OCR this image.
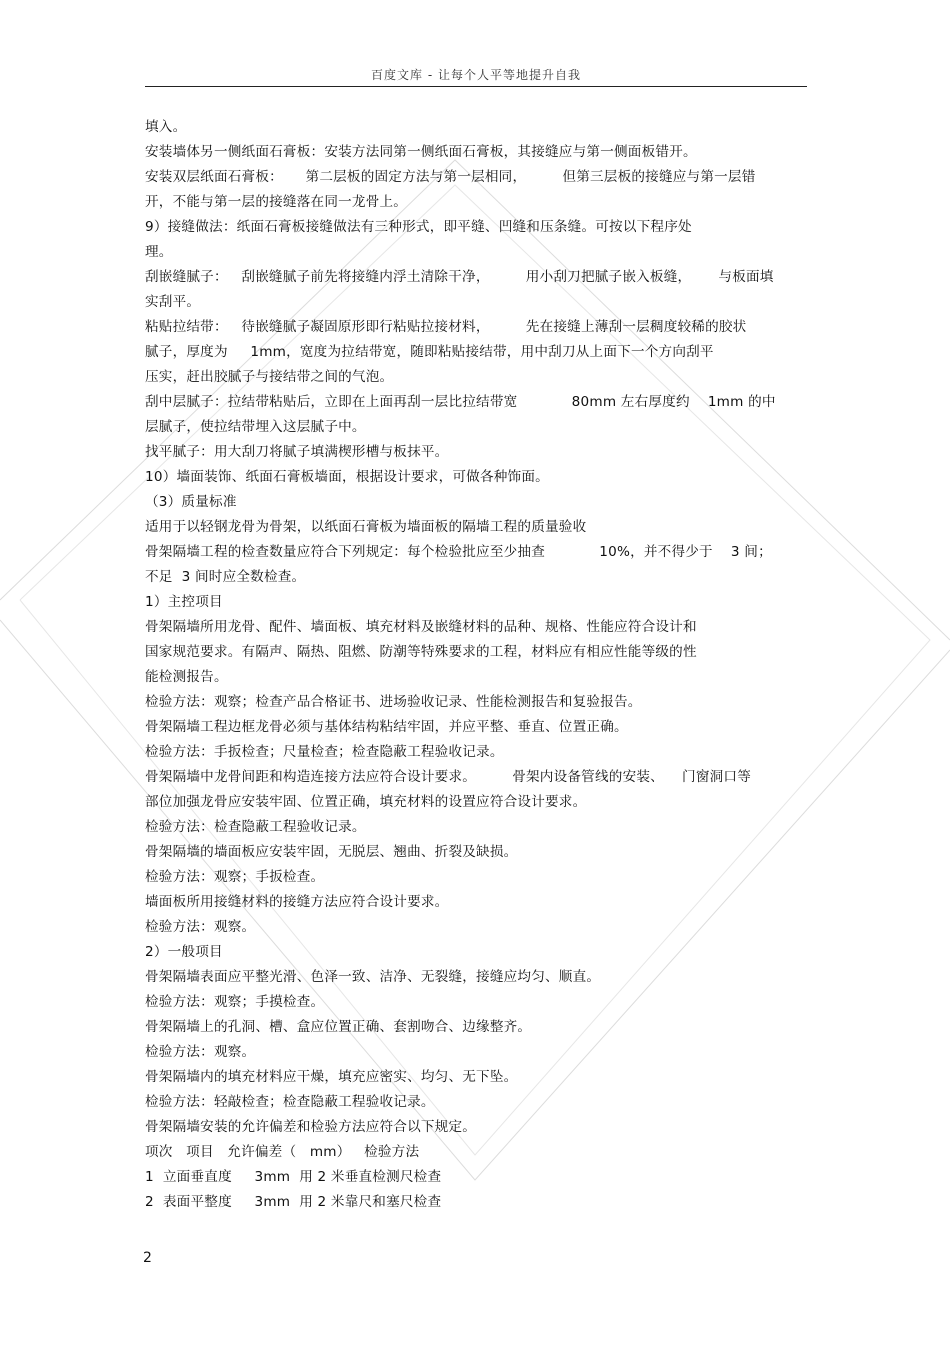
百度文库 - 让每个人平等地提升自我
填入。
安装墙体另一侧纸面石膏板：安装方法同第一侧纸面石膏板，其接缝应与第一侧面板错开。
安装双层纸面石膏板：     第二层板的固定方法与第一层相同，        但第三层板的接缝应与第一层错
开，不能与第一层的接缝落在同一龙骨上。
9）接缝做法：纸面石膏板接缝做法有三种形式，即平缝、凹缝和压条缝。可按以下程序处
理。
刮嵌缝腻子：   刮嵌缝腻子前先将接缝内浮土清除干净，        用小刮刀把腻子嵌入板缝，      与板面填
实刮平。
粘贴拉结带：   待嵌缝腻子凝固原形即行粘贴拉接材料，        先在接缝上薄刮一层稠度较稀的胶状
腻子，厚度为     1mm，宽度为拉结带宽，随即粘贴接结带，用中刮刀从上面下一个方向刮平
压实，赶出胶腻子与接结带之间的气泡。
刮中层腻子：拉结带粘贴后，立即在上面再刮一层比拉结带宽            80mm 左右厚度约    1mm 的中
层腻子，使拉结带埋入这层腻子中。
找平腻子：用大刮刀将腻子填满楔形槽与板抹平。
10）墙面装饰、纸面石膏板墙面，根据设计要求，可做各种饰面。
（3）质量标准
适用于以轻钢龙骨为骨架，以纸面石膏板为墙面板的隔墙工程的质量验收
骨架隔墙工程的检查数量应符合下列规定：每个检验批应至少抽查            10%，并不得少于    3 间；
不足  3 间时应全数检查。
1）主控项目
骨架隔墙所用龙骨、配件、墙面板、填充材料及嵌缝材料的品种、规格、性能应符合设计和
国家规范要求。有隔声、隔热、阻燃、防潮等特殊要求的工程，材料应有相应性能等级的性
能检测报告。
检验方法：观察；检查产品合格证书、进场验收记录、性能检测报告和复验报告。
骨架隔墙工程边框龙骨必须与基体结构粘结牢固，并应平整、垂直、位置正确。
检验方法：手扳检查；尺量检查；检查隐蔽工程验收记录。
骨架隔墙中龙骨间距和构造连接方法应符合设计要求。        骨架内设备管线的安装、    门窗洞口等
部位加强龙骨应安装牢固、位置正确，填充材料的设置应符合设计要求。
检验方法：检查隐蔽工程验收记录。
骨架隔墙的墙面板应安装牢固，无脱层、翘曲、折裂及缺损。
检验方法：观察；手扳检查。
墙面板所用接缝材料的接缝方法应符合设计要求。
检验方法：观察。
2）一般项目
骨架隔墙表面应平整光滑、色泽一致、洁净、无裂缝，接缝应均匀、顺直。
检验方法：观察；手摸检查。
骨架隔墙上的孔洞、槽、盒应位置正确、套割吻合、边缘整齐。
检验方法：观察。
骨架隔墙内的填充材料应干燥，填充应密实、均匀、无下坠。
检验方法：轻敲检查；检查隐蔽工程验收记录。
骨架隔墙安装的允许偏差和检验方法应符合以下规定。
项次   项目   允许偏差（   mm）   检验方法
1  立面垂直度     3mm  用 2 米垂直检测尺检查
2  表面平整度     3mm  用 2 米靠尺和塞尺检查
2
